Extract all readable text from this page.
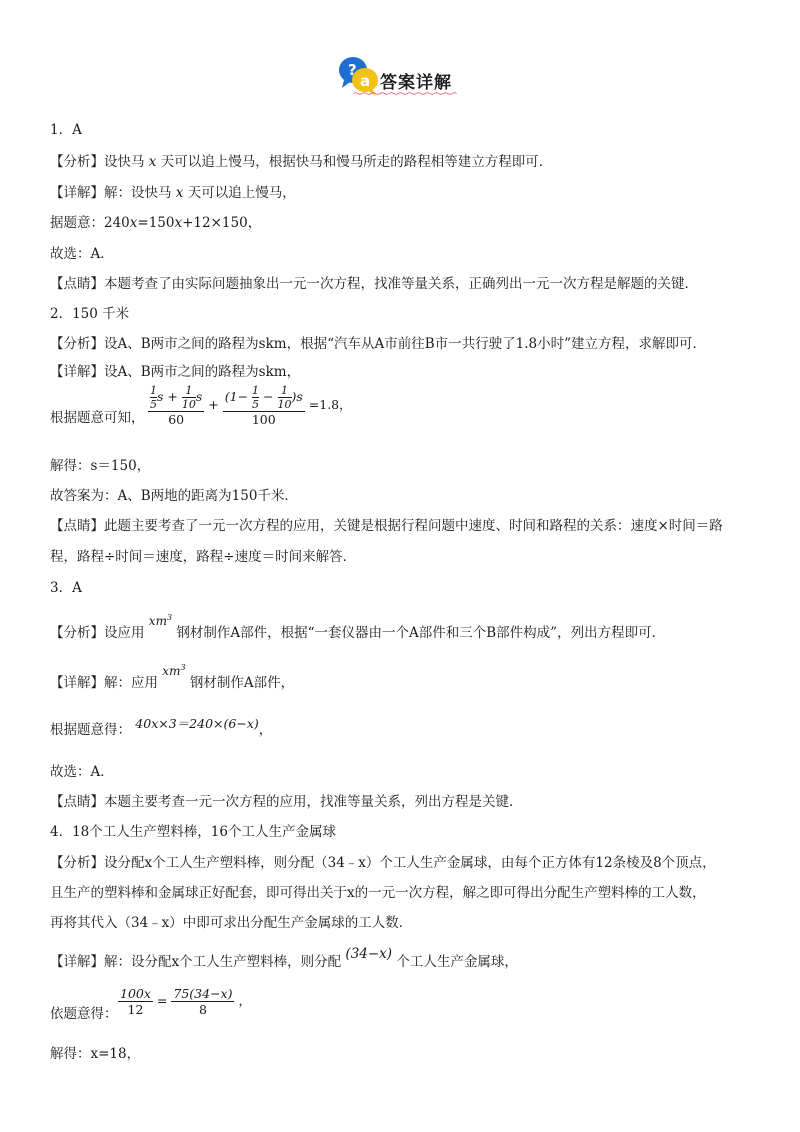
?
a 答案详解
1．A
【分析】设快马 x 天可以追上慢马，根据快马和慢马所走的路程相等建立方程即可．
【详解】解：设快马 x 天可以追上慢马，
据题意：240x=150x+12×150，
故选：A．
【点睛】本题考查了由实际问题抽象出一元一次方程，找准等量关系，正确列出一元一次方程是解题的关键．
2．150 千米
【分析】设A、B两市之间的路程为skm，根据“汽车从A市前往B市一共行驶了1.8小时”建立方程，求解即可．
【详解】设A、B两市之间的路程为skm，
根据题意可知， $\frac{\frac{1}{5} s + \frac{1}{10} s}{60} + \frac{(1- \frac{1}{5} - \frac{1}{10} )s}{100} =1.8$，
解得：s＝150，
故答案为：A、B两地的距离为150千米．
【点睛】此题主要考查了一元一次方程的应用，关键是根据行程问题中速度、时间和路程的关系：速度×时间＝路
程，路程÷时间＝速度，路程÷速度＝时间来解答．
3．A
【分析】设应用 $xm^3$ 钢材制作A部件，根据“一套仪器由一个A部件和三个B部件构成”，列出方程即可．
【详解】解：应用 $xm^3$ 钢材制作A部件，
根据题意得： 40x×3＝240×(6−x)，
故选：A．
【点睛】本题主要考查一元一次方程的应用，找准等量关系，列出方程是关键．
4．18个工人生产塑料棒，16个工人生产金属球
【分析】设分配x个工人生产塑料棒，则分配（34﹣x）个工人生产金属球，由每个正方体有12条棱及8个顶点，
且生产的塑料棒和金属球正好配套，即可得出关于x的一元一次方程，解之即可得出分配生产塑料棒的工人数，
再将其代入（34﹣x）中即可求出分配生产金属球的工人数．
【详解】解：设分配x个工人生产塑料棒，则分配 (34−x) 个工人生产金属球，
依题意得： $\frac{100x}{12} = \frac{75(34-x)}{8}$ ，
解得：x=18，
